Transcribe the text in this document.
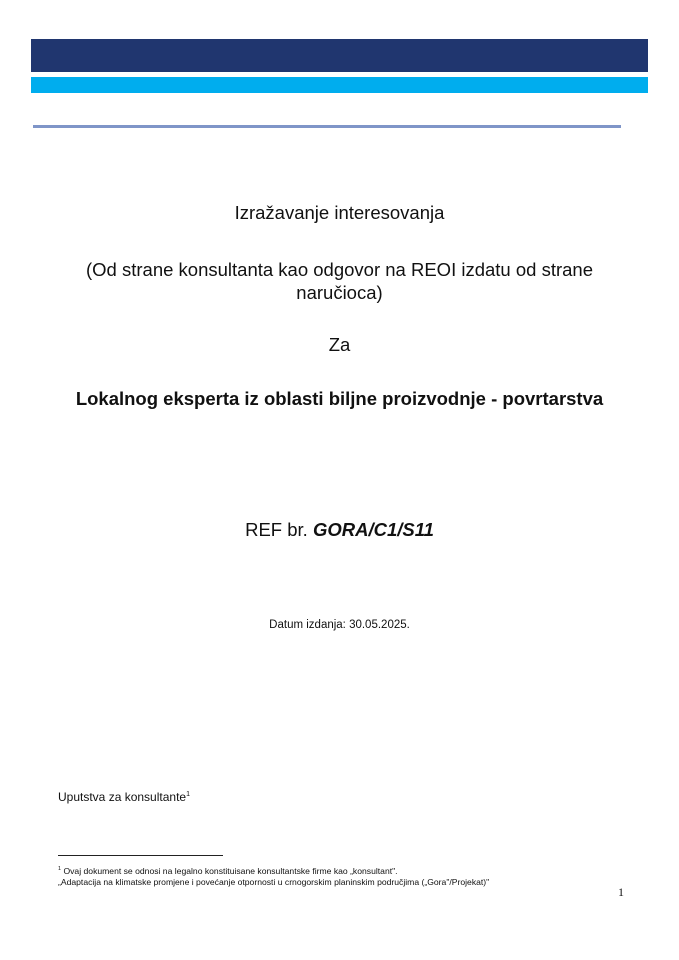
Izražavanje interesovanja
(Od strane konsultanta kao odgovor na REOI izdatu od strane naručioca)
Za
Lokalnog eksperta iz oblasti biljne proizvodnje - povrtarstva
REF br. GORA/C1/S11
Datum izdanja: 30.05.2025.
Uputstva za konsultante$^1$
$^1$ Ovaj dokument se odnosi na legalno konstituisane konsultantske firme kao „konsultant".
„Adaptacija na klimatske promjene i povećanje otpornosti u crnogorskim planinskim područjima („Gora"/Projekat)"
1
